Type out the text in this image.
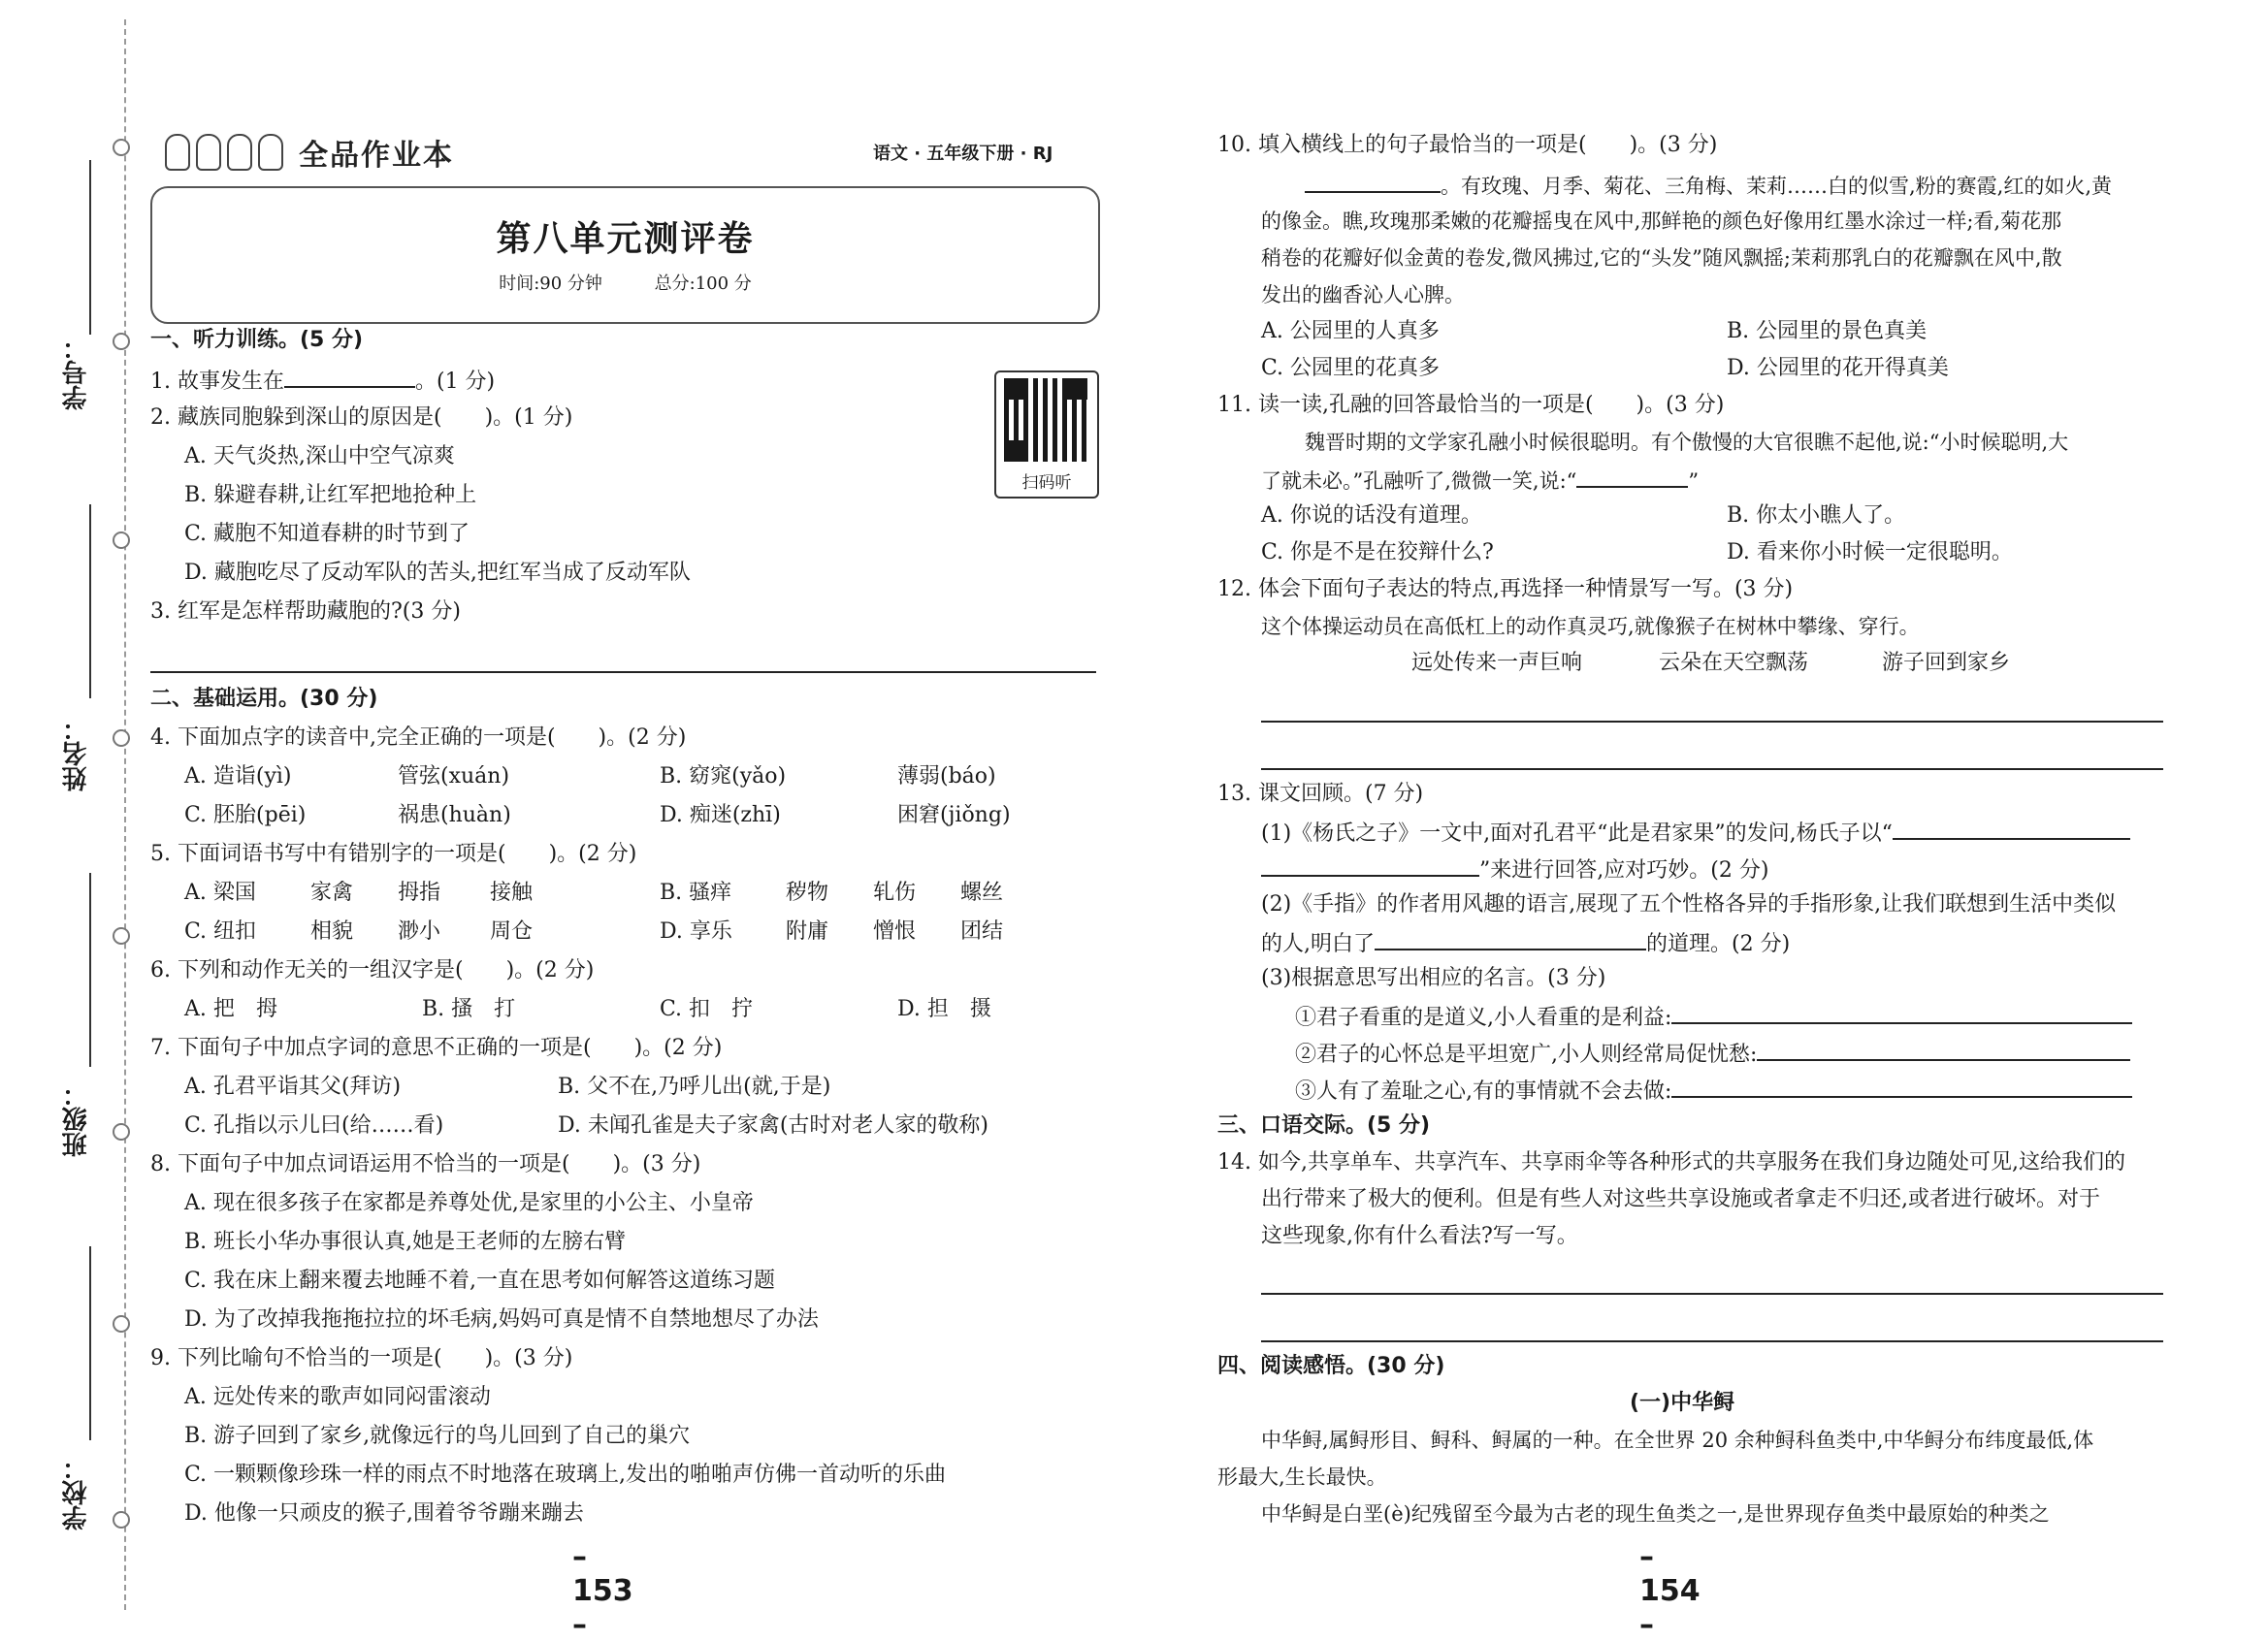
学号：
姓名：
班级：
学校：
全品作业本	语文 · 五年级下册 · RJ
第八单元测评卷
时间:90 分钟	总分:100 分
扫码听
一、听力训练。(5 分)
1. 故事发生在	。(1 分)
2. 藏族同胞躲到深山的原因是(　　)。(1 分)
A. 天气炎热,深山中空气凉爽
B. 躲避春耕,让红军把地抢种上
C. 藏胞不知道春耕的时节到了
D. 藏胞吃尽了反动军队的苦头,把红军当成了反动军队
3. 红军是怎样帮助藏胞的?(3 分)
二、基础运用。(30 分)
4. 下面加点字的读音中,完全正确的一项是(　　)。(2 分)
A. 造诣(yì)	管弦(xuán)	B. 窈窕(yǎo)	薄弱(báo)
C. 胚胎(pēi)	祸患(huàn)	D. 痴迷(zhī)	困窘(jiǒng)
5. 下面词语书写中有错别字的一项是(　　)。(2 分)
A. 梁国	家禽 拇指 接触	B. 骚痒	秽物 轧伤 螺丝
C. 纽扣	相貌 渺小 周仓	D. 享乐	附庸 憎恨 团结
6. 下列和动作无关的一组汉字是(　　)。(2 分)
A. 把　拇	B. 搔　打	C. 扣　拧	D. 担　摄
7. 下面句子中加点字词的意思不正确的一项是(　　)。(2 分)
A. 孔君平诣其父(拜访)	B. 父不在,乃呼儿出(就,于是)
C. 孔指以示儿曰(给……看)	D. 未闻孔雀是夫子家禽(古时对老人家的敬称)
8. 下面句子中加点词语运用不恰当的一项是(　　)。(3 分)
A. 现在很多孩子在家都是养尊处优,是家里的小公主、小皇帝
B. 班长小华办事很认真,她是王老师的左膀右臂
C. 我在床上翻来覆去地睡不着,一直在思考如何解答这道练习题
D. 为了改掉我拖拖拉拉的坏毛病,妈妈可真是情不自禁地想尽了办法
9. 下列比喻句不恰当的一项是(　　)。(3 分)
A. 远处传来的歌声如同闷雷滚动
B. 游子回到了家乡,就像远行的鸟儿回到了自己的巢穴
C. 一颗颗像珍珠一样的雨点不时地落在玻璃上,发出的啪啪声仿佛一首动听的乐曲
D. 他像一只顽皮的猴子,围着爷爷蹦来蹦去
–153 –
10. 填入横线上的句子最恰当的一项是(　　)。(3 分)
。有玫瑰、月季、菊花、三角梅、茉莉……白的似雪,粉的赛霞,红的如火,黄
的像金。瞧,玫瑰那柔嫩的花瓣摇曳在风中,那鲜艳的颜色好像用红墨水涂过一样;看,菊花那
稍卷的花瓣好似金黄的卷发,微风拂过,它的“头发”随风飘摇;茉莉那乳白的花瓣飘在风中,散
发出的幽香沁人心脾。
A. 公园里的人真多	B. 公园里的景色真美
C. 公园里的花真多	D. 公园里的花开得真美
11. 读一读,孔融的回答最恰当的一项是(　　)。(3 分)
魏晋时期的文学家孔融小时候很聪明。有个傲慢的大官很瞧不起他,说:“小时候聪明,大
了就未必。”孔融听了,微微一笑,说:“	”
A. 你说的话没有道理。	B. 你太小瞧人了。
C. 你是不是在狡辩什么?	D. 看来你小时候一定很聪明。
12. 体会下面句子表达的特点,再选择一种情景写一写。(3 分)
这个体操运动员在高低杠上的动作真灵巧,就像猴子在树林中攀缘、穿行。
远处传来一声巨响	云朵在天空飘荡	游子回到家乡
13. 课文回顾。(7 分)
(1)《杨氏之子》一文中,面对孔君平“此是君家果”的发问,杨氏子以“
”来进行回答,应对巧妙。(2 分)
(2)《手指》的作者用风趣的语言,展现了五个性格各异的手指形象,让我们联想到生活中类似
的人,明白了	的道理。(2 分)
(3)根据意思写出相应的名言。(3 分)
①君子看重的是道义,小人看重的是利益:
②君子的心怀总是平坦宽广,小人则经常局促忧愁:
③人有了羞耻之心,有的事情就不会去做:
三、口语交际。(5 分)
14. 如今,共享单车、共享汽车、共享雨伞等各种形式的共享服务在我们身边随处可见,这给我们的
出行带来了极大的便利。但是有些人对这些共享设施或者拿走不归还,或者进行破坏。对于
这些现象,你有什么看法?写一写。
四、阅读感悟。(30 分)
(一)中华鲟
中华鲟,属鲟形目、鲟科、鲟属的一种。在全世界 20 余种鲟科鱼类中,中华鲟分布纬度最低,体
形最大,生长最快。
中华鲟是白垩(è)纪残留至今最为古老的现生鱼类之一,是世界现存鱼类中最原始的种类之
–154 –
